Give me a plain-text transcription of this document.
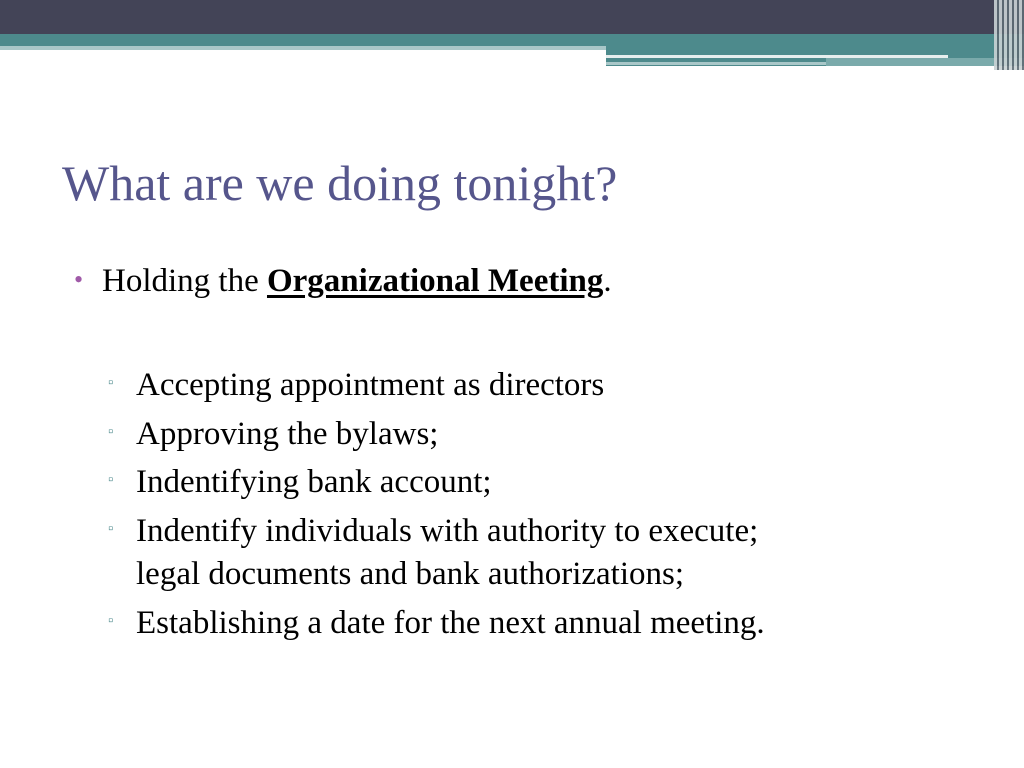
What are we doing tonight?
• Holding the Organizational Meeting.
▫ Accepting appointment as directors
▫ Approving the bylaws;
▫ Indentifying bank account;
▫ Indentify individuals with authority to execute;
legal documents and bank authorizations;
▫ Establishing a date for the next annual meeting.
